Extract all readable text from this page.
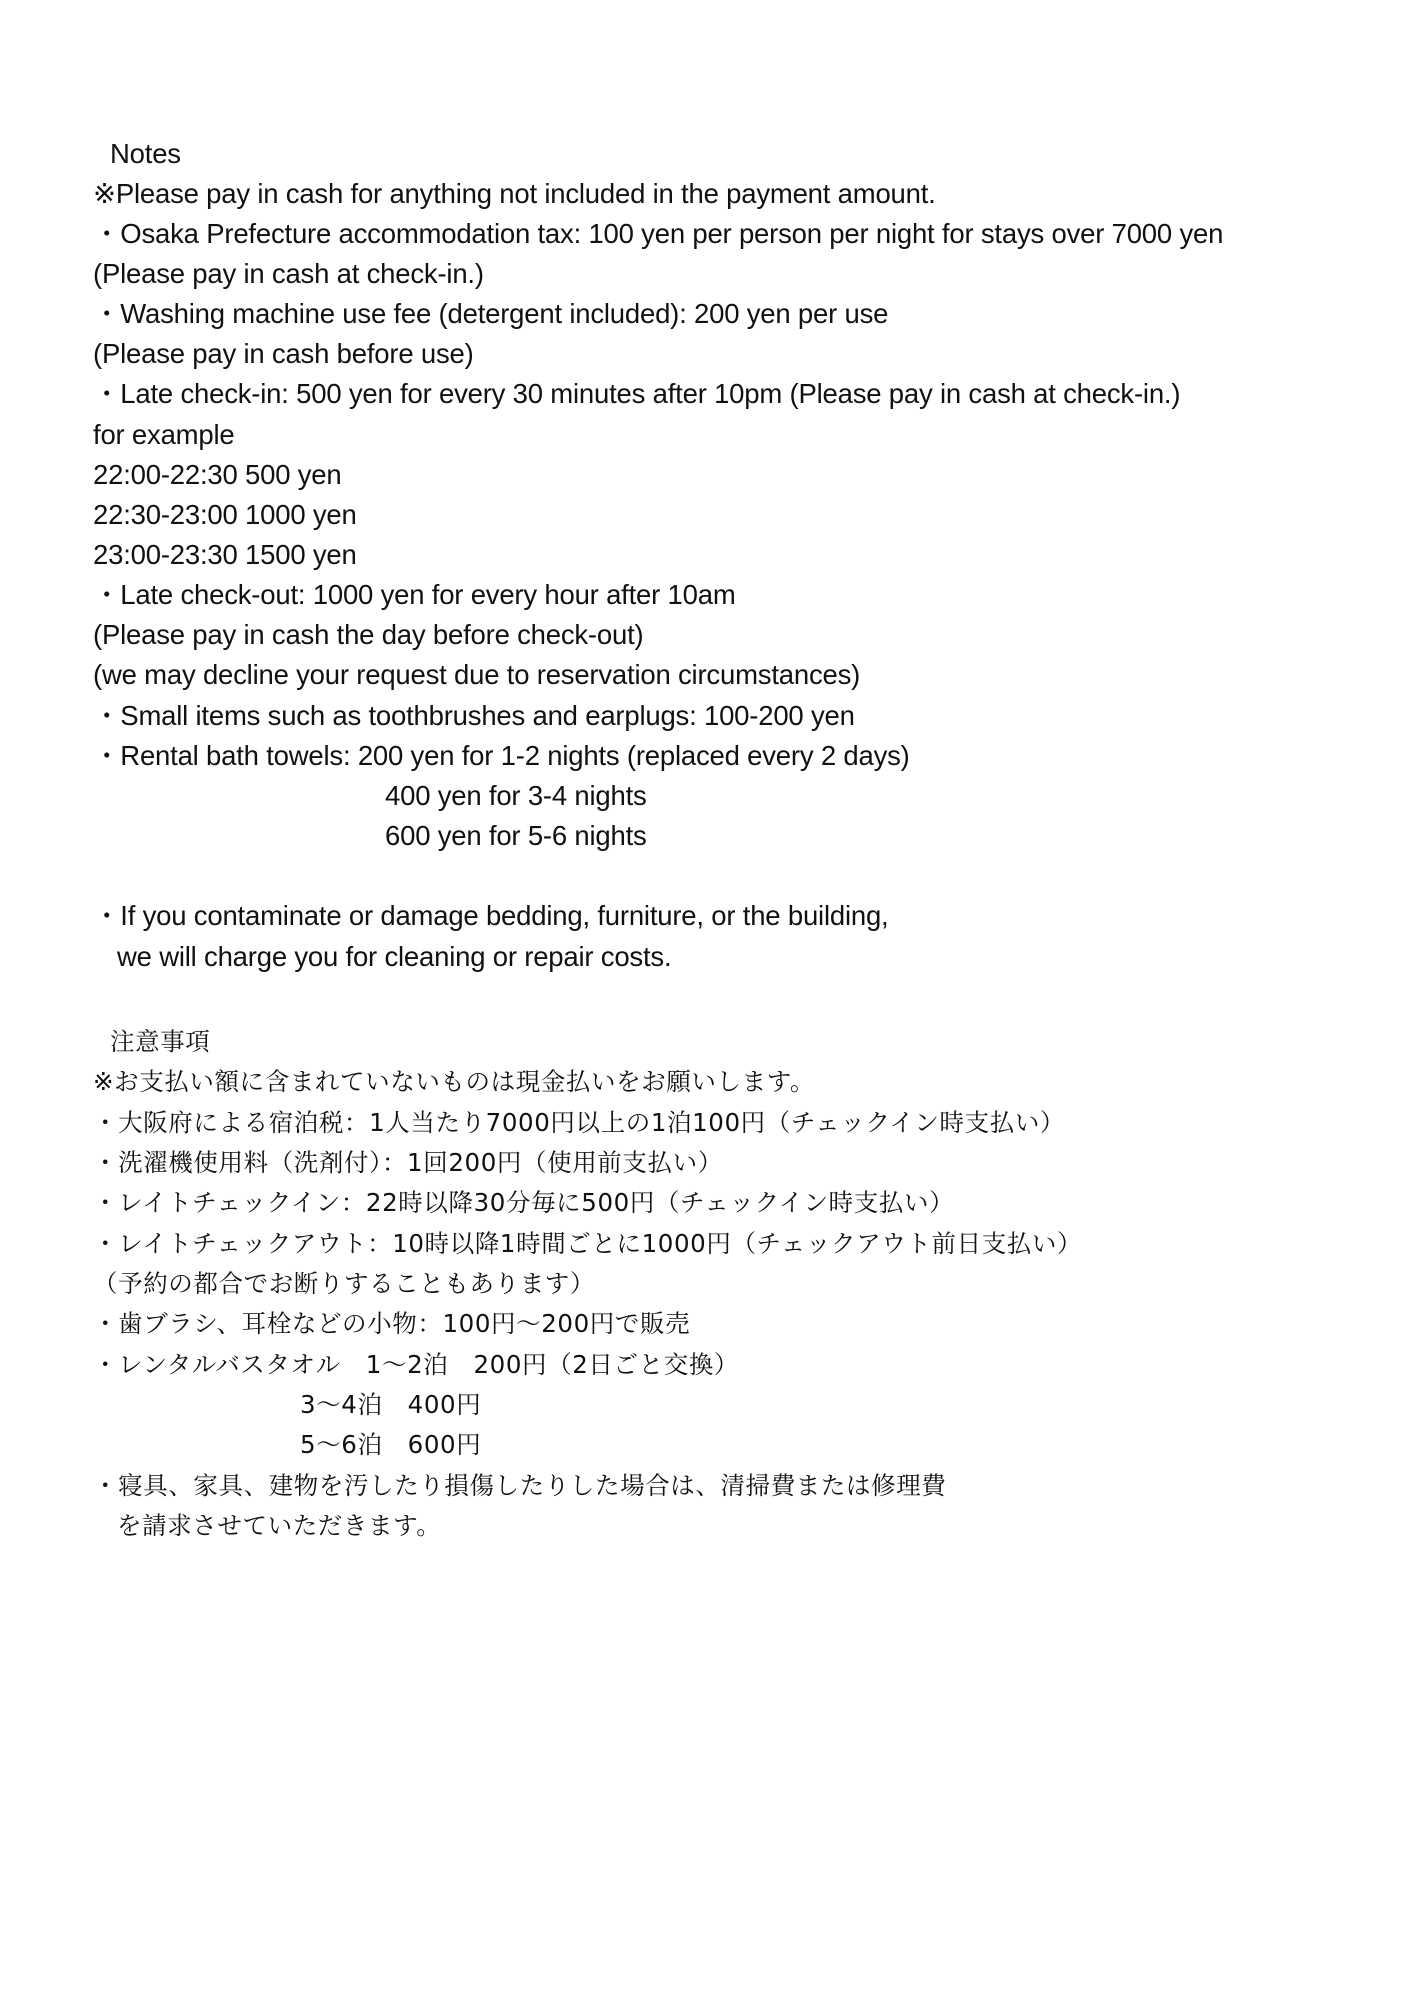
Notes
※Please pay in cash for anything not included in the payment amount.
・Osaka Prefecture accommodation tax: 100 yen per person per night for stays over 7000 yen
(Please pay in cash at check-in.)
・Washing machine use fee (detergent included): 200 yen per use
(Please pay in cash before use)
・Late check-in: 500 yen for every 30 minutes after 10pm (Please pay in cash at check-in.)
for example
22:00-22:30 500 yen
22:30-23:00 1000 yen
23:00-23:30 1500 yen
・Late check-out: 1000 yen for every hour after 10am
(Please pay in cash the day before check-out)
(we may decline your request due to reservation circumstances)
・Small items such as toothbrushes and earplugs: 100-200 yen
・Rental bath towels: 200 yen for 1-2 nights (replaced every 2 days)
400 yen for 3-4 nights
600 yen for 5-6 nights
・If you contaminate or damage bedding, furniture, or the building,
we will charge you for cleaning or repair costs.
注意事項
※お支払い額に含まれていないものは現金払いをお願いします。
・大阪府による宿泊税：1人当たり7000円以上の1泊100円（チェックイン時支払い）
・洗濯機使用料（洗剤付）：1回200円（使用前支払い）
・レイトチェックイン：22時以降30分毎に500円（チェックイン時支払い）
・レイトチェックアウト：10時以降1時間ごとに1000円（チェックアウト前日支払い）
（予約の都合でお断りすることもあります）
・歯ブラシ、耳栓などの小物：100円～200円で販売
・レンタルバスタオル　1～2泊　200円（2日ごと交換）
3～4泊　400円
5～6泊　600円
・寝具、家具、建物を汚したり損傷したりした場合は、清掃費または修理費
を請求させていただきます。
